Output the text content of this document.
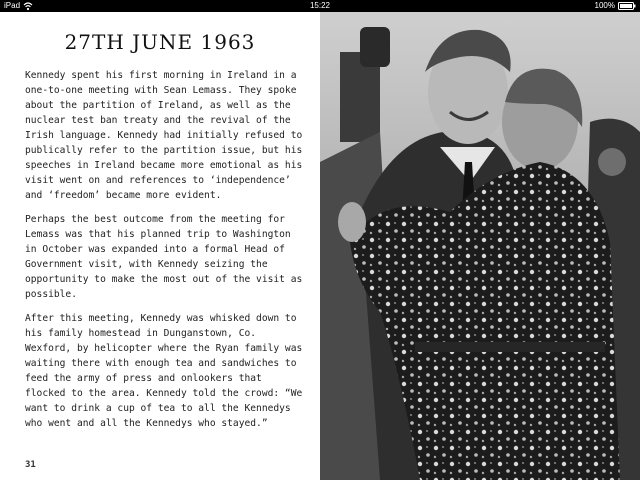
iPad	15:22	100%
27TH JUNE 1963

Kennedy spent his first morning in Ireland in a one-to-one meeting with Sean Lemass. They spoke about the partition of Ireland, as well as the nuclear test ban treaty and the revival of the Irish language. Kennedy had initially refused to publically refer to the partition issue, but his speeches in Ireland became more emotional as his visit went on and references to ‘independence’ and ‘freedom’ became more evident.

Perhaps the best outcome from the meeting for Lemass was that his planned trip to Washington in October was expanded into a formal Head of Government visit, with Kennedy seizing the opportunity to make the most out of the visit as possible.

After this meeting, Kennedy was whisked down to his family homestead in Dunganstown, Co. Wexford, by helicopter where the Ryan family was waiting there with enough tea and sandwiches to feed the army of press and onlookers that flocked to the area. Kennedy told the crowd: “We want to drink a cup of tea to all the Kennedys who went and all the Kennedys who stayed.”

31
